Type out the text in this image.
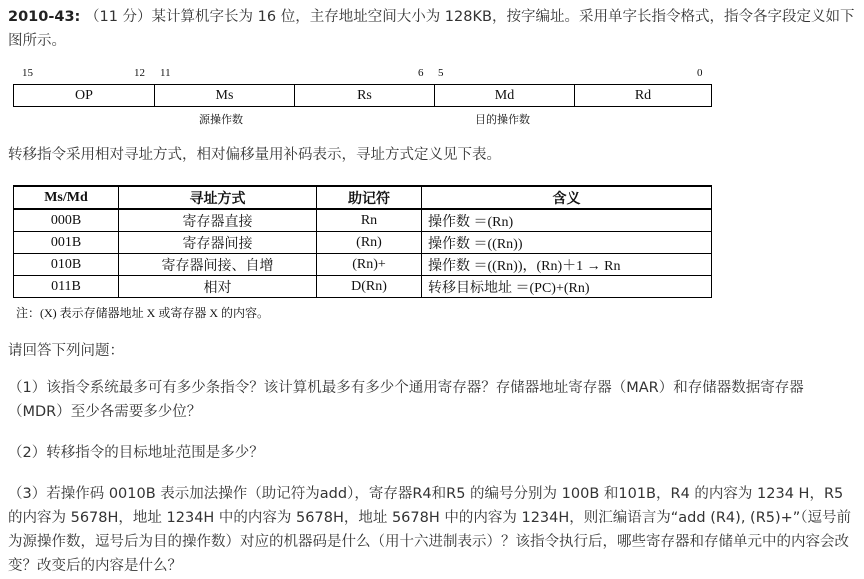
2010-43: （11 分）某计算机字长为 16 位，主存地址空间大小为 128KB，按字编址。采用单字长指令格式，指令各字段定义如下图所示。

15	12 11	6 5	0
OP	Ms	Rs	Md	Rd
源操作数	目的操作数

转移指令采用相对寻址方式，相对偏移量用补码表示，寻址方式定义见下表。

Ms/Md	寻址方式	助记符	含义
000B	寄存器直接	Rn	操作数 ＝(Rn)
001B	寄存器间接	(Rn)	操作数 ＝((Rn))
010B	寄存器间接、自增	(Rn)+	操作数 ＝((Rn))，(Rn)＋1 → Rn
011B	相对	D(Rn)	转移目标地址 ＝(PC)+(Rn)
注：(X) 表示存储器地址 X 或寄存器 X 的内容。

请回答下列问题：

（1）该指令系统最多可有多少条指令？该计算机最多有多少个通用寄存器？存储器地址寄存器（MAR）和存储器数据寄存器（MDR）至少各需要多少位？

（2）转移指令的目标地址范围是多少？

（3）若操作码 0010B 表示加法操作（助记符为add），寄存器R4和R5 的编号分别为 100B 和101B，R4 的内容为 1234 H，R5 的内容为 5678H，地址 1234H 中的内容为 5678H，地址 5678H 中的内容为 1234H，则汇编语言为“add (R4), (R5)+”（逗号前为源操作数，逗号后为目的操作数）对应的机器码是什么（用十六进制表示）？该指令执行后，哪些寄存器和存储单元中的内容会改变？改变后的内容是什么？
